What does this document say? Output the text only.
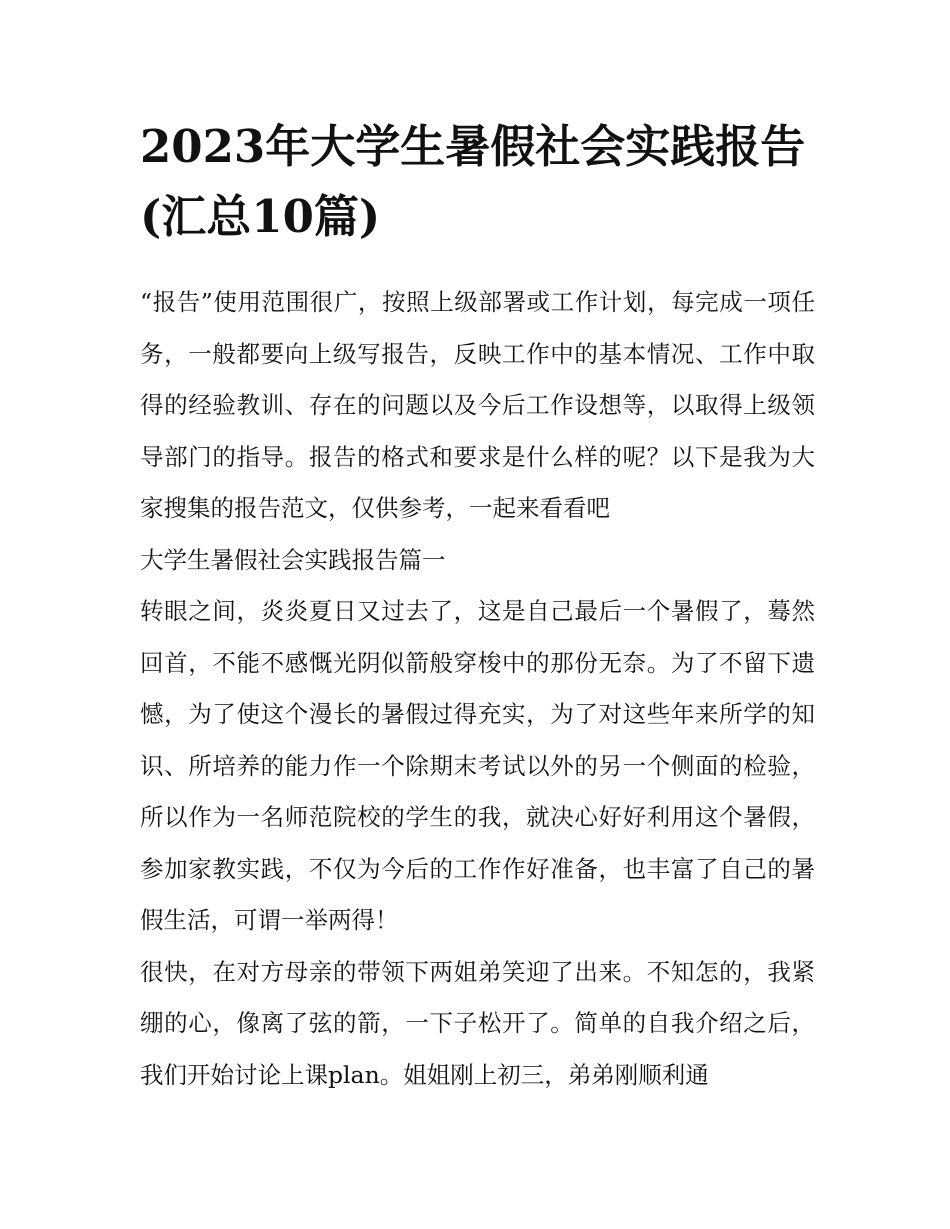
2023年大学生暑假社会实践报告(汇总10篇)

“报告”使用范围很广，按照上级部署或工作计划，每完成一项任务，一般都要向上级写报告，反映工作中的基本情况、工作中取得的经验教训、存在的问题以及今后工作设想等，以取得上级领导部门的指导。报告的格式和要求是什么样的呢？以下是我为大家搜集的报告范文，仅供参考，一起来看看吧

大学生暑假社会实践报告篇一

转眼之间，炎炎夏日又过去了，这是自己最后一个暑假了，蓦然回首，不能不感慨光阴似箭般穿梭中的那份无奈。为了不留下遗憾，为了使这个漫长的暑假过得充实，为了对这些年来所学的知识、所培养的能力作一个除期末考试以外的另一个侧面的检验，所以作为一名师范院校的学生的我，就决心好好利用这个暑假，参加家教实践，不仅为今后的工作作好准备，也丰富了自己的暑假生活，可谓一举两得！

很快，在对方母亲的带领下两姐弟笑迎了出来。不知怎的，我紧绷的心，像离了弦的箭，一下子松开了。简单的自我介绍之后，我们开始讨论上课plan。姐姐刚上初三，弟弟刚顺利通
